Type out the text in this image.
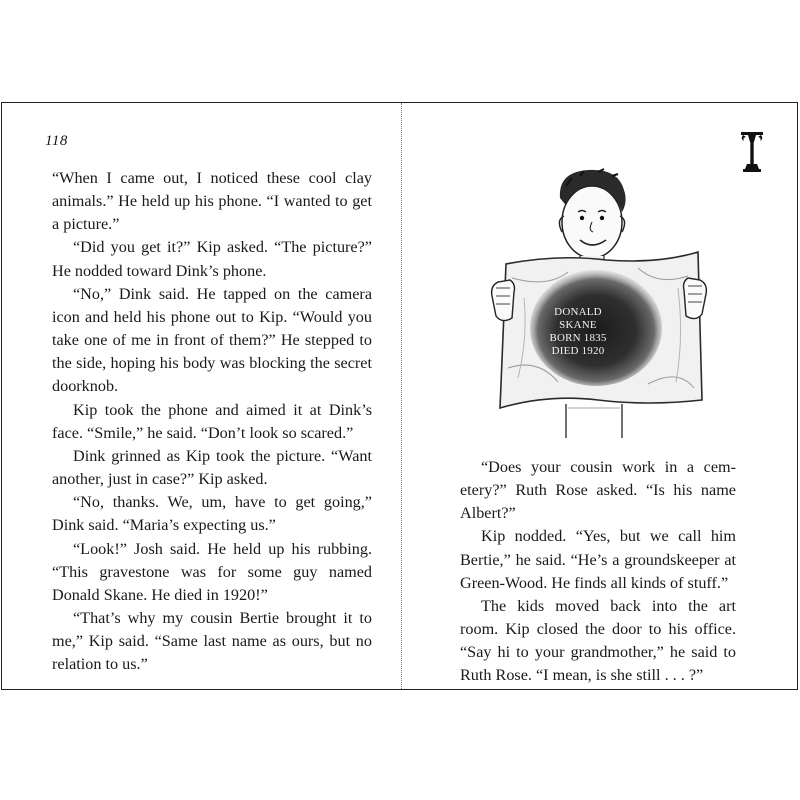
118

“When I came out, I noticed these cool clay animals.” He held up his phone. “I wanted to get a picture.”

“Did you get it?” Kip asked. “The picture?” He nodded toward Dink’s phone.

“No,” Dink said. He tapped on the camera icon and held his phone out to Kip. “Would you take one of me in front of them?” He stepped to the side, hoping his body was blocking the secret doorknob.

Kip took the phone and aimed it at Dink’s face. “Smile,” he said. “Don’t look so scared.”

Dink grinned as Kip took the picture. “Want another, just in case?” Kip asked.

“No, thanks. We, um, have to get going,” Dink said. “Maria’s expecting us.”

“Look!” Josh said. He held up his rubbing. “This gravestone was for some guy named Donald Skane. He died in 1920!”

“That’s why my cousin Bertie brought it to me,” Kip said. “Same last name as ours, but no relation to us.”

DONALD SKANE
BORN 1835
DIED 1920

“Does your cousin work in a cemetery?” Ruth Rose asked. “Is his name Albert?”

Kip nodded. “Yes, but we call him Bertie,” he said. “He’s a groundskeeper at Green-Wood. He finds all kinds of stuff.”

The kids moved back into the art room. Kip closed the door to his office. “Say hi to your grandmother,” he said to Ruth Rose. “I mean, is she still . . . ?”
